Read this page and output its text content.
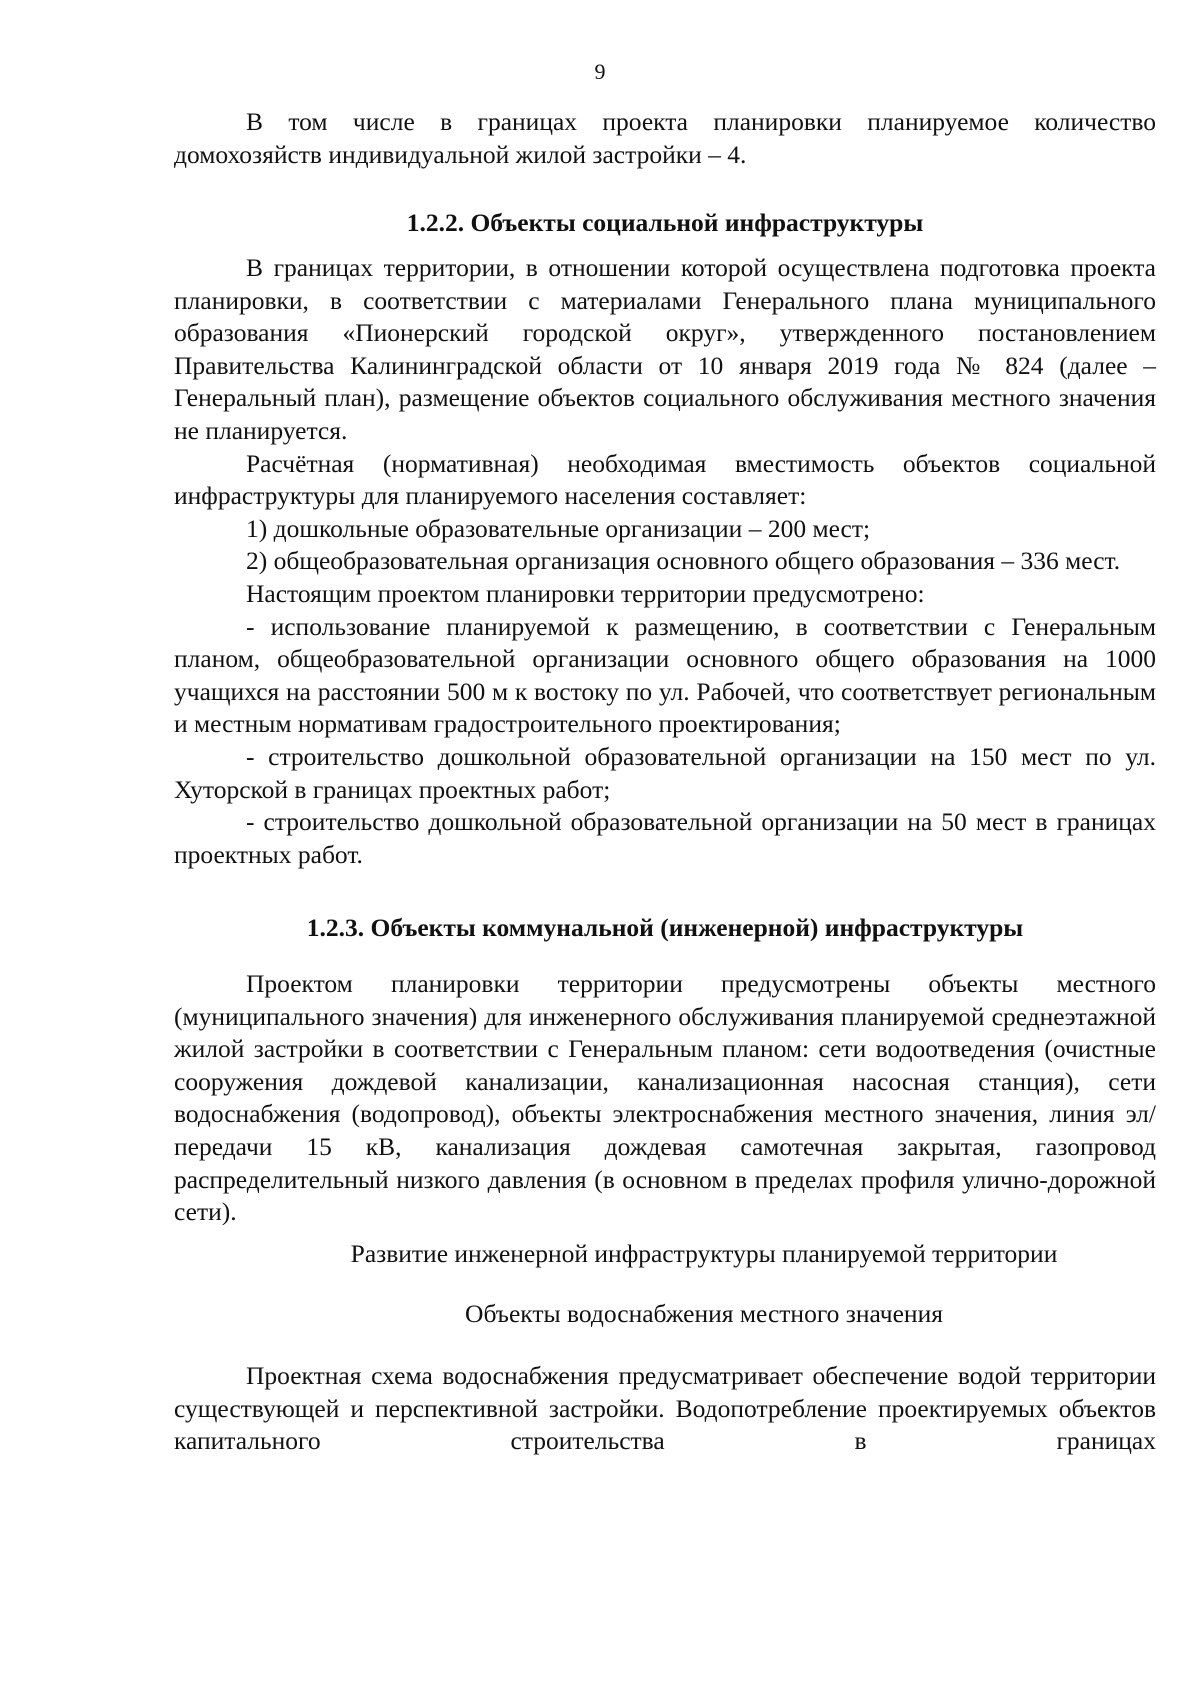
9

В том числе в границах проекта планировки планируемое количество домохозяйств индивидуальной жилой застройки – 4.

1.2.2. Объекты социальной инфраструктуры

В границах территории, в отношении которой осуществлена подготовка проекта планировки, в соответствии с материалами Генерального плана муниципального образования «Пионерский городской округ», утвержденного постановлением Правительства Калининградской области от 10 января 2019 года № 824 (далее – Генеральный план), размещение объектов социального обслуживания местного значения не планируется.

Расчётная (нормативная) необходимая вместимость объектов социальной инфраструктуры для планируемого населения составляет:

1) дошкольные образовательные организации – 200 мест;

2) общеобразовательная организация основного общего образования – 336 мест.

Настоящим проектом планировки территории предусмотрено:

- использование планируемой к размещению, в соответствии с Генеральным планом, общеобразовательной организации основного общего образования на 1000 учащихся на расстоянии 500 м к востоку по ул. Рабочей, что соответствует региональным и местным нормативам градостроительного проектирования;

- строительство дошкольной образовательной организации на 150 мест по ул. Хуторской в границах проектных работ;

- строительство дошкольной образовательной организации на 50 мест в границах проектных работ.

1.2.3. Объекты коммунальной (инженерной) инфраструктуры

Проектом планировки территории предусмотрены объекты местного (муниципального значения) для инженерного обслуживания планируемой среднеэтажной жилой застройки в соответствии с Генеральным планом: сети водоотведения (очистные сооружения дождевой канализации, канализационная насосная станция), сети водоснабжения (водопровод), объекты электроснабжения местного значения, линия эл/передачи 15 кВ, канализация дождевая самотечная закрытая, газопровод распределительный низкого давления (в основном в пределах профиля улично-дорожной сети).

Развитие инженерной инфраструктуры планируемой территории

Объекты водоснабжения местного значения

Проектная схема водоснабжения предусматривает обеспечение водой территории существующей и перспективной застройки. Водопотребление проектируемых объектов капитального строительства в границах
